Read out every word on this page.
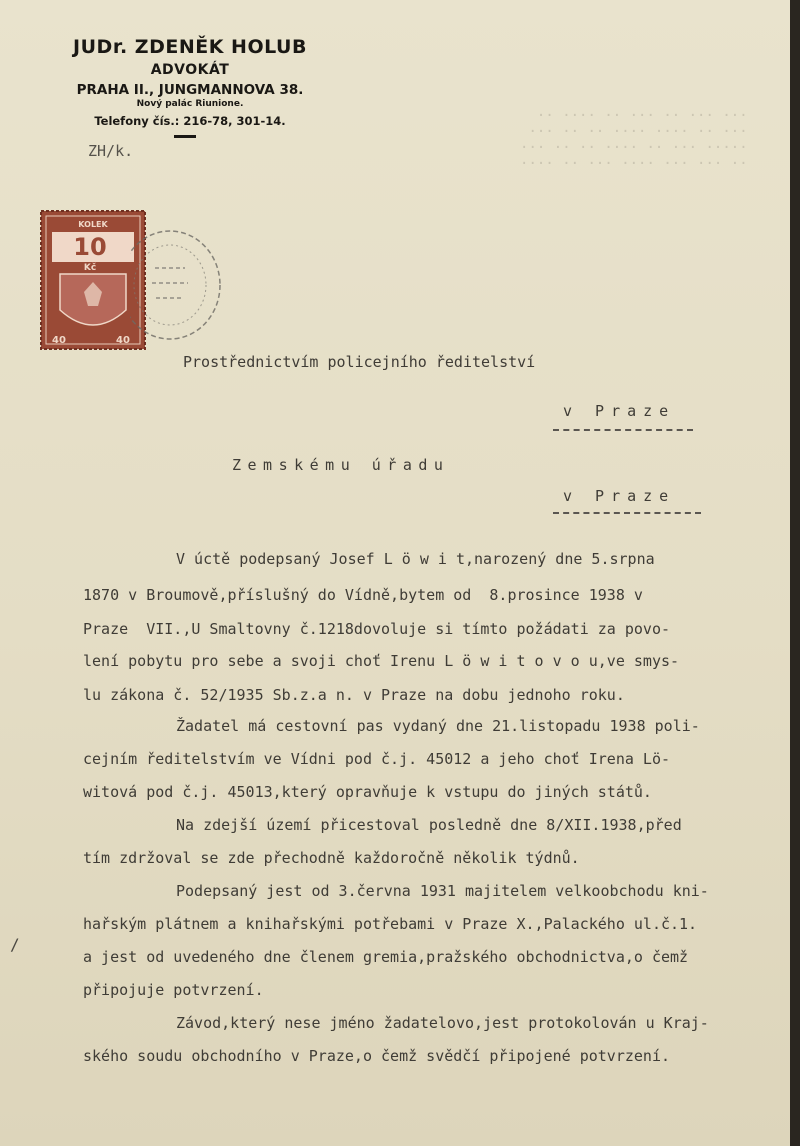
··· ··· ·· ··· ·· ···· ··
··· ·· ···· ···· ·· ·· ···
····· ··· ·· ···· ·· ·· ···
·· ··· ··· ···· ··· ·· ····
JUDr. ZDENĚK HOLUB
ADVOKÁT
PRAHA II., JUNGMANNOVA 38.
Nový palác Riunione.
Telefony čís.: 216-78, 301-14.
ZH/k.
KOLEK
10
Kč
40	40
Prostřednictvím policejního ředitelství
v Praze
Zemskému úřadu
v Praze
V úctě podepsaný Josef L ö w i t,narozený dne 5.srpna
1870 v Broumově,příslušný do Vídně,bytem od  8.prosince 1938 v
Praze  VII.,U Smaltovny č.1218dovoluje si tímto požádati za povo-
lení pobytu pro sebe a svoji choť Irenu L ö w i t o v o u,ve smys-
lu zákona č. 52/1935 Sb.z.a n. v Praze na dobu jednoho roku.
Žadatel má cestovní pas vydaný dne 21.listopadu 1938 poli-
cejním ředitelstvím ve Vídni pod č.j. 45012 a jeho choť Irena Lö-
witová pod č.j. 45013,který opravňuje k vstupu do jiných států.
Na zdejší území přicestoval posledně dne 8/XII.1938,před
tím zdržoval se zde přechodně každoročně několik týdnů.
Podepsaný jest od 3.června 1931 majitelem velkoobchodu kni-
hařským plátnem a knihařskými potřebami v Praze X.,Palackého ul.č.1.
a jest od uvedeného dne členem gremia,pražského obchodnictva,o čemž
připojuje potvrzení.
Závod,který nese jméno žadatelovo,jest protokolován u Kraj-
ského soudu obchodního v Praze,o čemž svědčí připojené potvrzení.
/
